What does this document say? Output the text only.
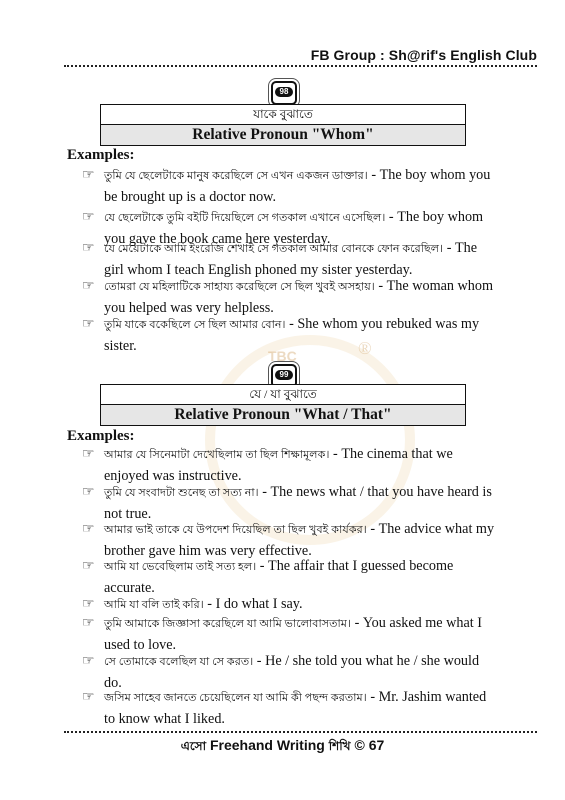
TBC	®
FB Group : Sh@rif's English Club
98
যাকে বুঝাতে
Relative Pronoun "Whom"
Examples:
☞ তুমি যে ছেলেটাকে মানুষ করেছিলে সে এখন একজন ডাক্তার। - The boy whom you be brought up is a doctor now.
☞ যে ছেলেটাকে তুমি বইটি দিয়েছিলে সে গতকাল এখানে এসেছিল। - The boy whom you gave the book came here yesterday.
☞ যে মেয়েটাকে আমি ইংরেজি শেখাই সে গতকাল আমার বোনকে ফোন করেছিল। - The girl whom I teach English phoned my sister yesterday.
☞ তোমরা যে মহিলাটিকে সাহায্য করেছিলে সে ছিল খুবই অসহায়। - The woman whom you helped was very helpless.
☞ তুমি যাকে বকেছিলে সে ছিল আমার বোন। - She whom you rebuked was my sister.
99
যে / যা বুঝাতে
Relative Pronoun "What / That"
Examples:
☞ আমার যে সিনেমাটা দেখেছিলাম তা ছিল শিক্ষামূলক। - The cinema that we enjoyed was instructive.
☞ তুমি যে সংবাদটা শুনেছ তা সত্য না। - The news what / that you have heard is not true.
☞ আমার ভাই তাকে যে উপদেশ দিয়েছিল তা ছিল খুবই কার্যকর। - The advice what my brother gave him was very effective.
☞ আমি যা ভেবেছিলাম তাই সত্য হল। - The affair that I guessed become accurate.
☞ আমি যা বলি তাই করি। - I do what I say.
☞ তুমি আমাকে জিজ্ঞাসা করেছিলে যা আমি ভালোবাসতাম। - You asked me what I used to love.
☞ সে তোমাকে বলেছিল যা সে করত। - He / she told you what he / she would do.
☞ জসিম সাহেব জানতে চেয়েছিলেন যা আমি কী পছন্দ করতাম। - Mr. Jashim wanted to know what I liked.
এসো Freehand Writing শিখি © 67
